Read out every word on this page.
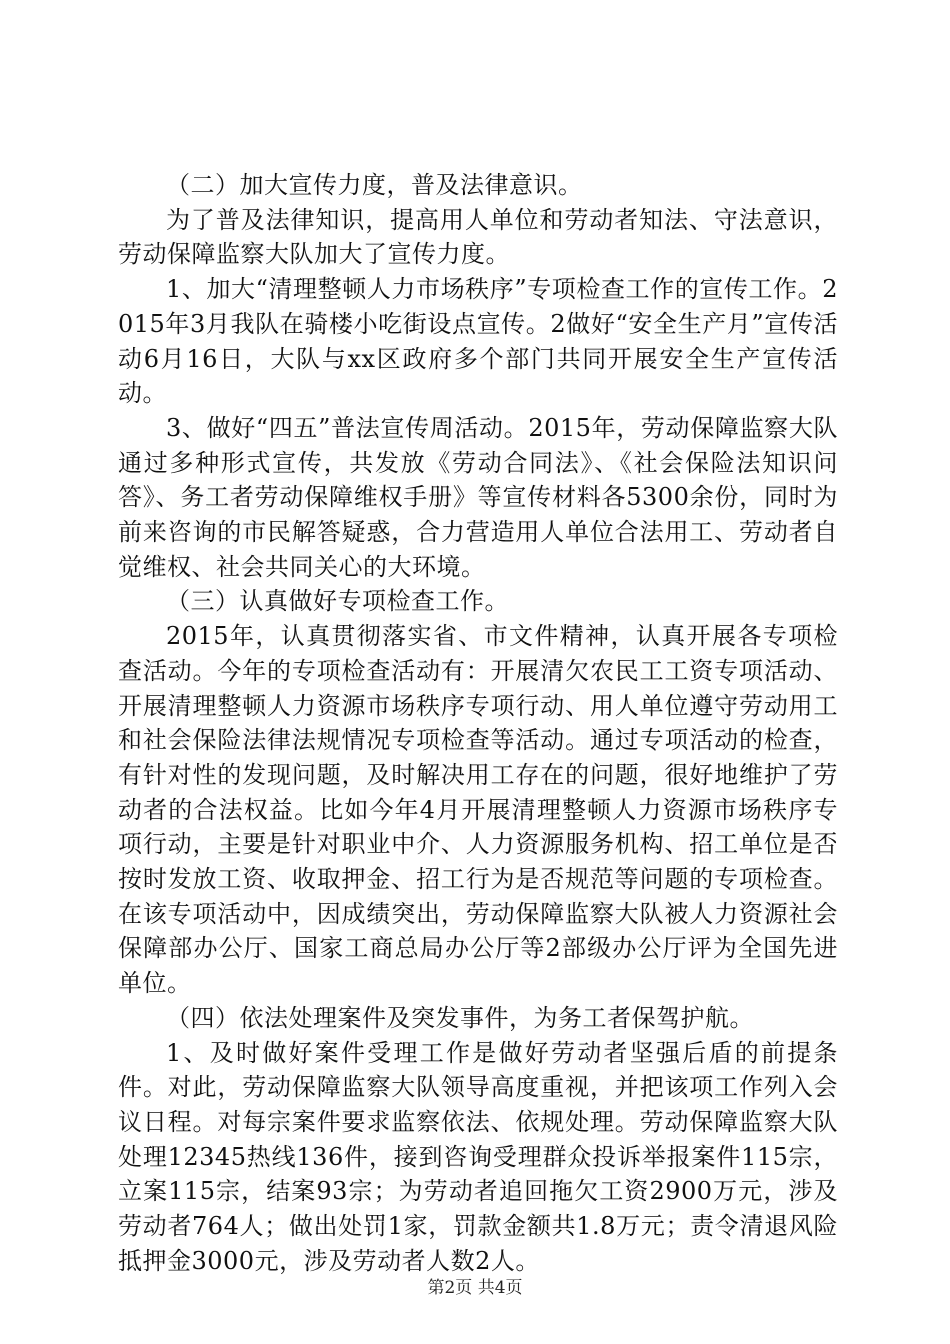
（二）加大宣传力度，普及法律意识。

为了普及法律知识，提高用人单位和劳动者知法、守法意识，劳动保障监察大队加大了宣传力度。

1、加大“清理整顿人力市场秩序”专项检查工作的宣传工作。2015年3月我队在骑楼小吃街设点宣传。2做好“安全生产月”宣传活动6月16日，大队与xx区政府多个部门共同开展安全生产宣传活动。

3、做好“四五”普法宣传周活动。2015年，劳动保障监察大队通过多种形式宣传，共发放《劳动合同法》、《社会保险法知识问答》、务工者劳动保障维权手册》等宣传材料各5300余份，同时为前来咨询的市民解答疑惑，合力营造用人单位合法用工、劳动者自觉维权、社会共同关心的大环境。

（三）认真做好专项检查工作。

2015年，认真贯彻落实省、市文件精神，认真开展各专项检查活动。今年的专项检查活动有：开展清欠农民工工资专项活动、开展清理整顿人力资源市场秩序专项行动、用人单位遵守劳动用工和社会保险法律法规情况专项检查等活动。通过专项活动的检查，有针对性的发现问题，及时解决用工存在的问题，很好地维护了劳动者的合法权益。比如今年4月开展清理整顿人力资源市场秩序专项行动，主要是针对职业中介、人力资源服务机构、招工单位是否按时发放工资、收取押金、招工行为是否规范等问题的专项检查。在该专项活动中，因成绩突出，劳动保障监察大队被人力资源社会保障部办公厅、国家工商总局办公厅等2部级办公厅评为全国先进单位。

（四）依法处理案件及突发事件，为务工者保驾护航。

1、及时做好案件受理工作是做好劳动者坚强后盾的前提条件。对此，劳动保障监察大队领导高度重视，并把该项工作列入会议日程。对每宗案件要求监察依法、依规处理。劳动保障监察大队处理12345热线136件，接到咨询受理群众投诉举报案件115宗，立案115宗，结案93宗；为劳动者追回拖欠工资2900万元，涉及劳动者764人；做出处罚1家，罚款金额共1.8万元；责令清退风险抵押金3000元，涉及劳动者人数2人。

第2页 共4页
